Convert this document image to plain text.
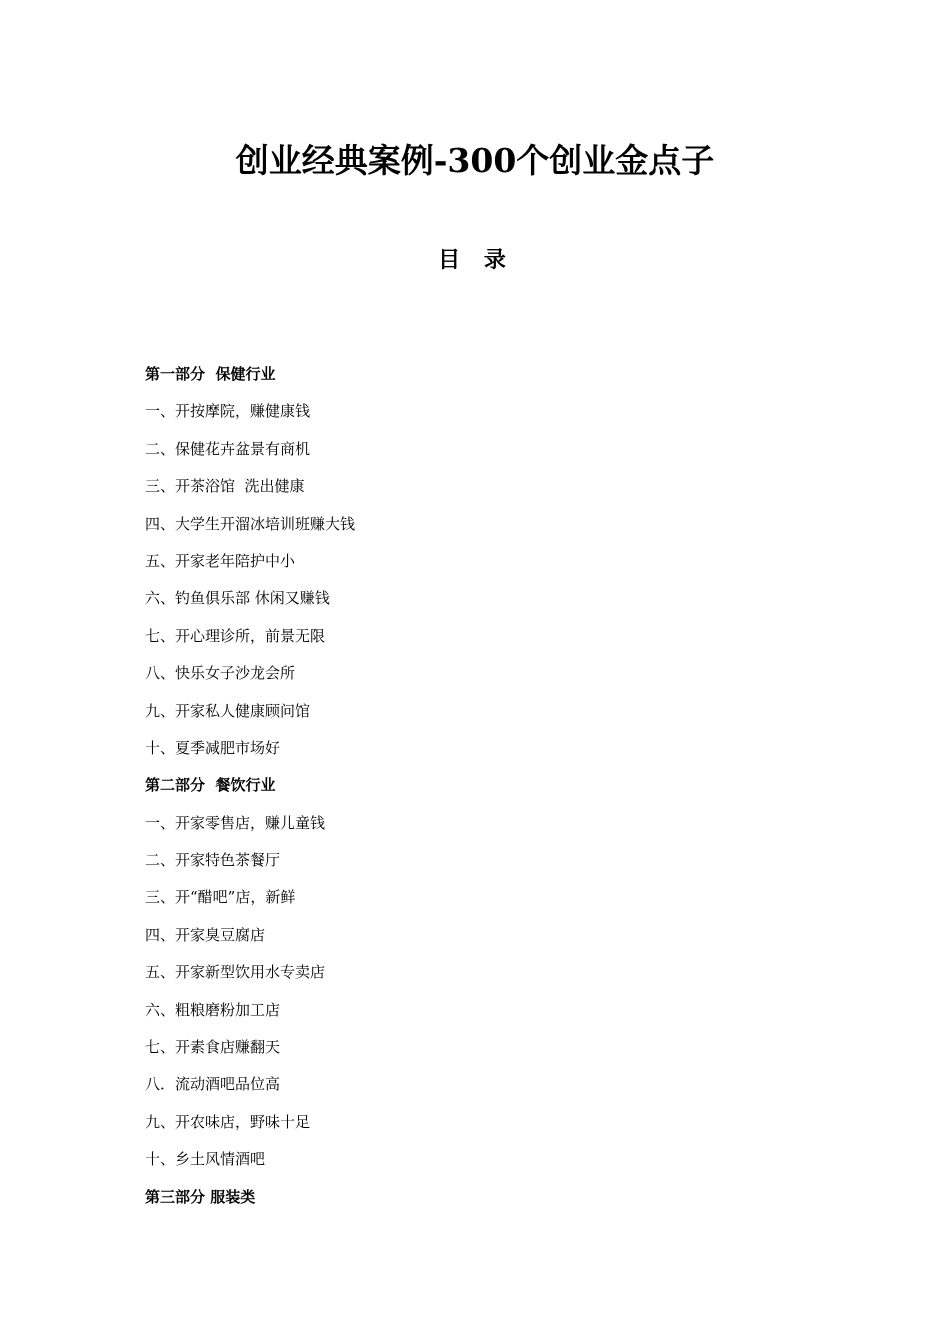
创业经典案例-300个创业金点子
目 录
第一部分  保健行业
一、开按摩院，赚健康钱
二、保健花卉盆景有商机
三、开茶浴馆  洗出健康
四、大学生开溜冰培训班赚大钱
五、开家老年陪护中小
六、钓鱼俱乐部 休闲又赚钱
七、开心理诊所，前景无限
八、快乐女子沙龙会所
九、开家私人健康顾问馆
十、夏季减肥市场好
第二部分  餐饮行业
一、开家零售店，赚儿童钱
二、开家特色茶餐厅
三、开“醋吧”店，新鲜
四、开家臭豆腐店
五、开家新型饮用水专卖店
六、粗粮磨粉加工店
七、开素食店赚翻天
八．流动酒吧品位高
九、开农味店，野味十足
十、乡土风情酒吧
第三部分 服装类
